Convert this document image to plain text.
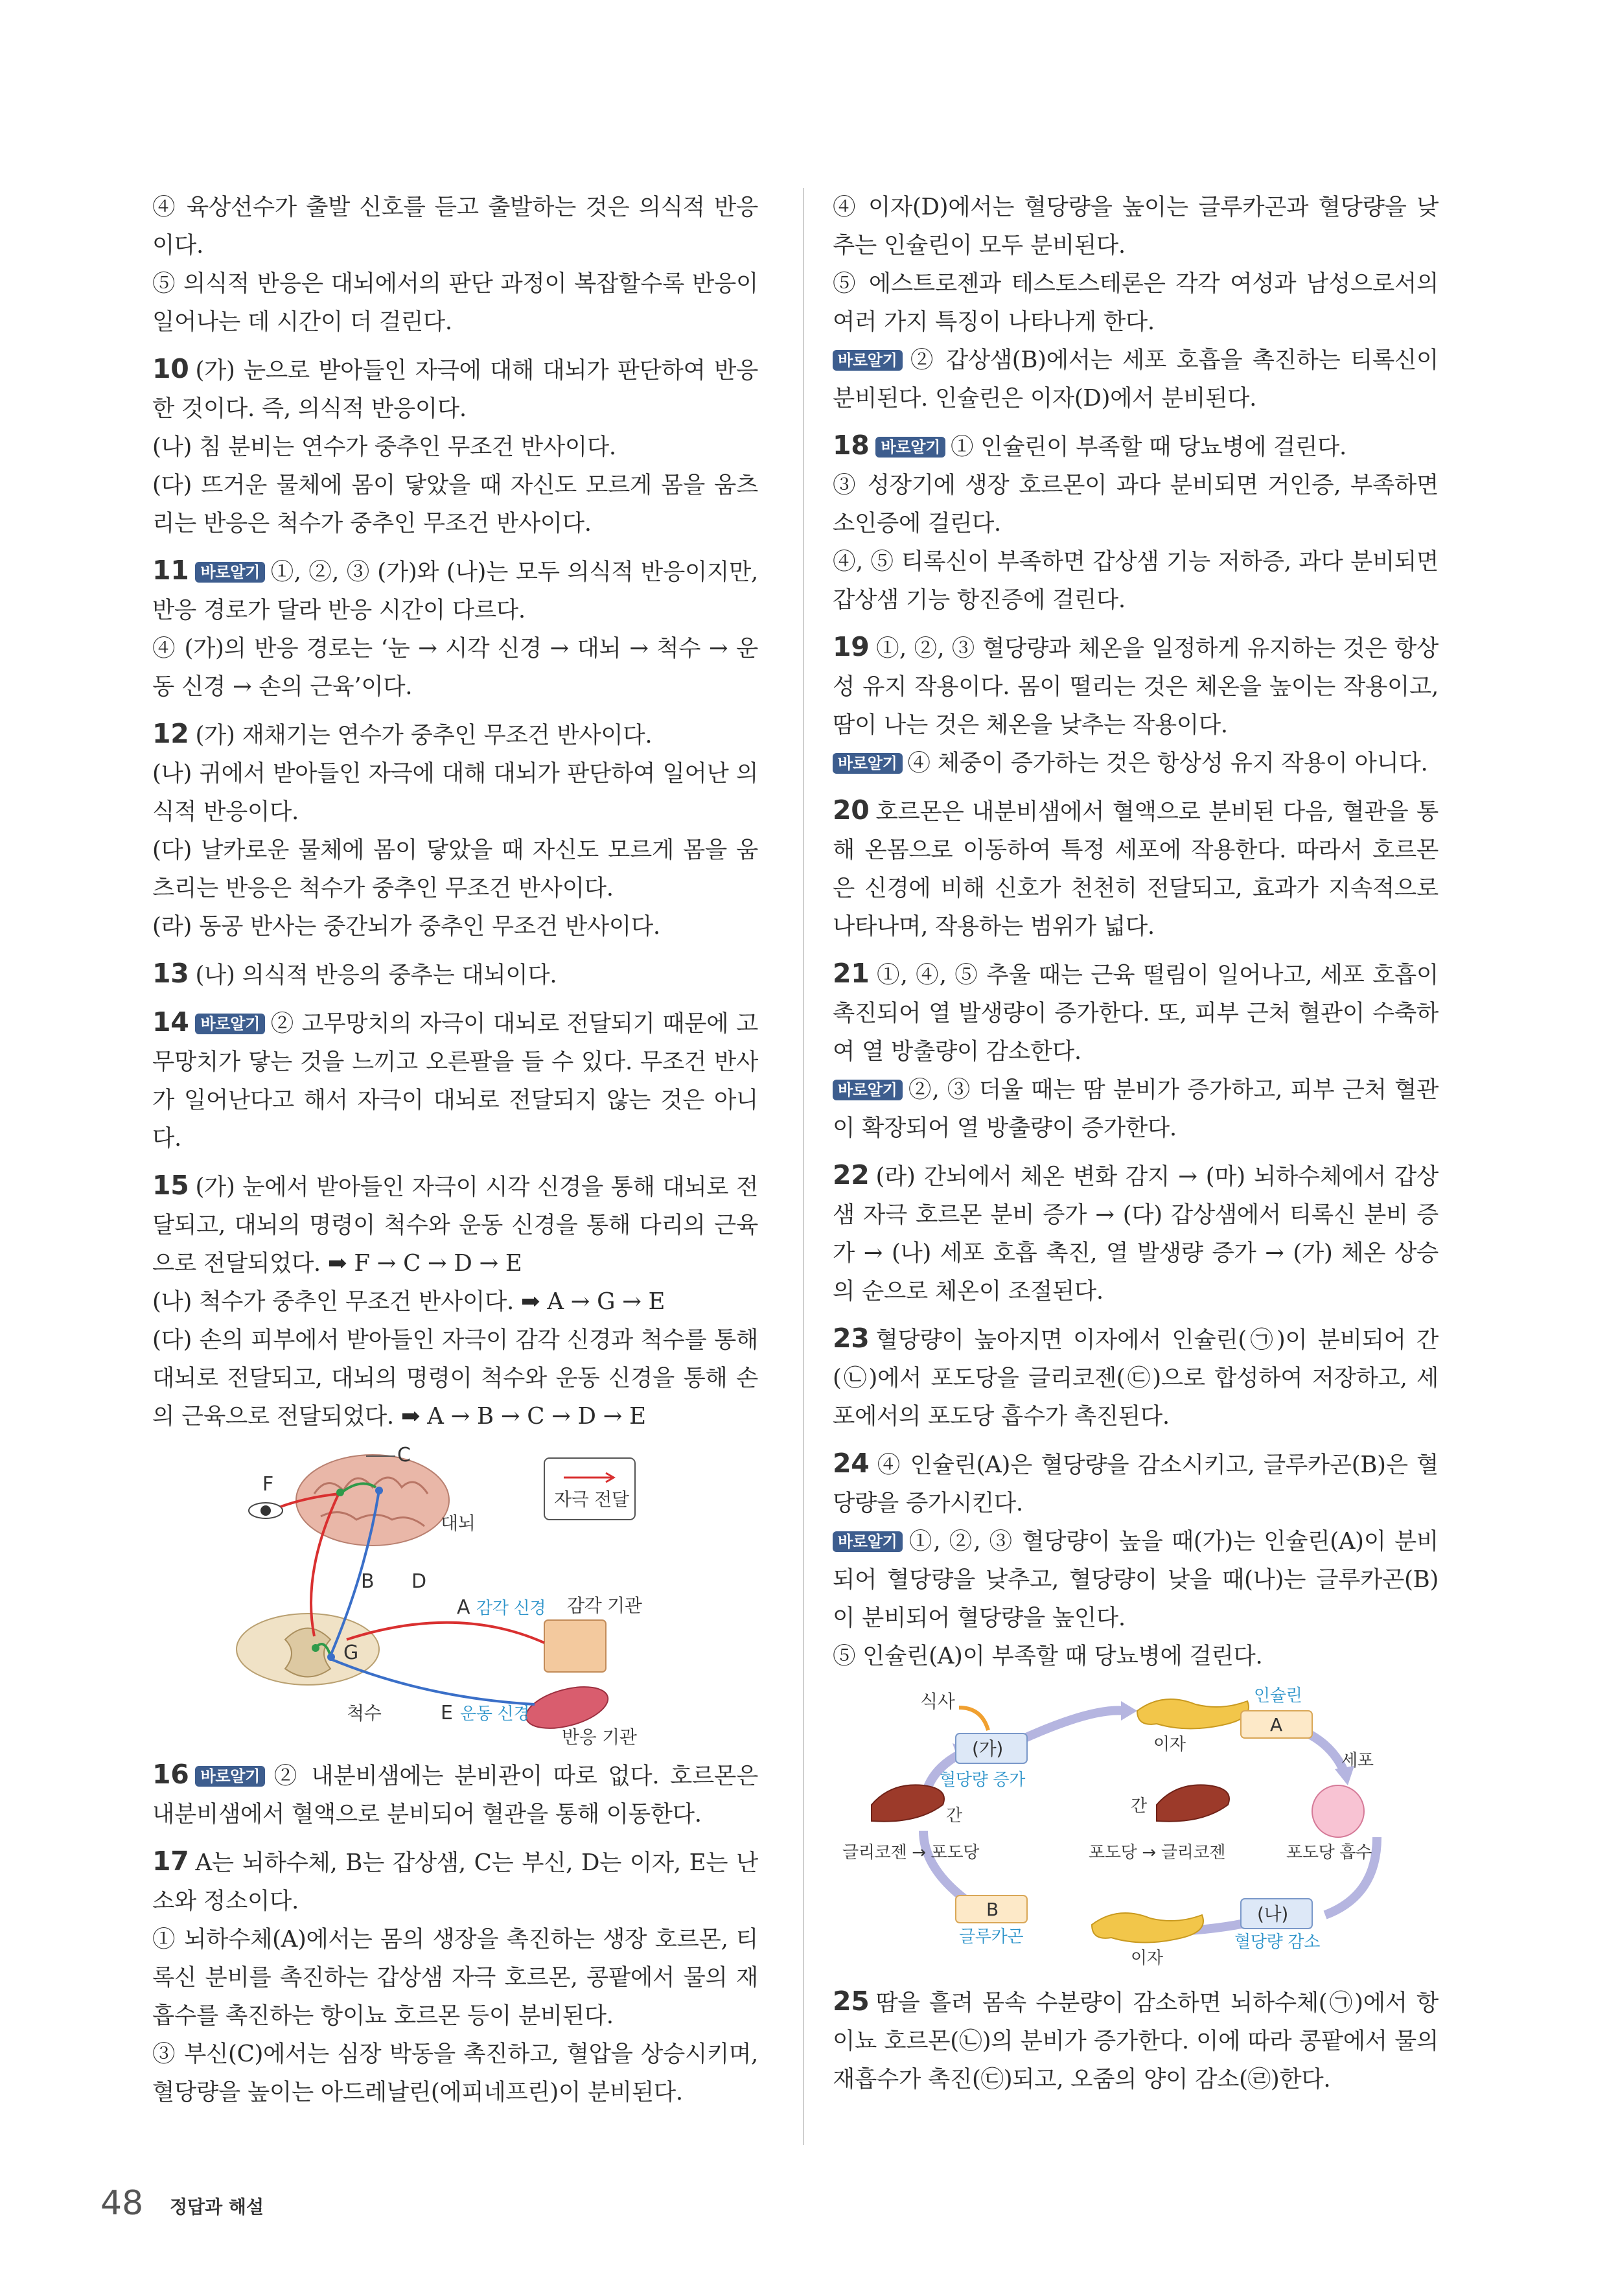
④ 육상선수가 출발 신호를 듣고 출발하는 것은 의식적 반응이다.

⑤ 의식적 반응은 대뇌에서의 판단 과정이 복잡할수록 반응이 일어나는 데 시간이 더 걸린다.

10 (가) 눈으로 받아들인 자극에 대해 대뇌가 판단하여 반응한 것이다. 즉, 의식적 반응이다.

(나) 침 분비는 연수가 중추인 무조건 반사이다.

(다) 뜨거운 물체에 몸이 닿았을 때 자신도 모르게 몸을 움츠리는 반응은 척수가 중추인 무조건 반사이다.

11 바로알기 ①, ②, ③ (가)와 (나)는 모두 의식적 반응이지만, 반응 경로가 달라 반응 시간이 다르다.

④ (가)의 반응 경로는 ‘눈 → 시각 신경 → 대뇌 → 척수 → 운동 신경 → 손의 근육’이다.

12 (가) 재채기는 연수가 중추인 무조건 반사이다.

(나) 귀에서 받아들인 자극에 대해 대뇌가 판단하여 일어난 의식적 반응이다.

(다) 날카로운 물체에 몸이 닿았을 때 자신도 모르게 몸을 움츠리는 반응은 척수가 중추인 무조건 반사이다.

(라) 동공 반사는 중간뇌가 중추인 무조건 반사이다.

13 (나) 의식적 반응의 중추는 대뇌이다.

14 바로알기 ② 고무망치의 자극이 대뇌로 전달되기 때문에 고무망치가 닿는 것을 느끼고 오른팔을 들 수 있다. 무조건 반사가 일어난다고 해서 자극이 대뇌로 전달되지 않는 것은 아니다.

15 (가) 눈에서 받아들인 자극이 시각 신경을 통해 대뇌로 전달되고, 대뇌의 명령이 척수와 운동 신경을 통해 다리의 근육으로 전달되었다. ➡ F → C → D → E

(나) 척수가 중추인 무조건 반사이다. ➡ A → G → E

(다) 손의 피부에서 받아들인 자극이 감각 신경과 척수를 통해 대뇌로 전달되고, 대뇌의 명령이 척수와 운동 신경을 통해 손의 근육으로 전달되었다. ➡ A → B → C → D → E

C
F
대뇌
자극 전달
B D
A 감각 신경 감각 기관
G
척수	E 운동 신경
반응 기관

16 바로알기 ② 내분비샘에는 분비관이 따로 없다. 호르몬은 내분비샘에서 혈액으로 분비되어 혈관을 통해 이동한다.

17 A는 뇌하수체, B는 갑상샘, C는 부신, D는 이자, E는 난소와 정소이다.

① 뇌하수체(A)에서는 몸의 생장을 촉진하는 생장 호르몬, 티록신 분비를 촉진하는 갑상샘 자극 호르몬, 콩팥에서 물의 재흡수를 촉진하는 항이뇨 호르몬 등이 분비된다.

③ 부신(C)에서는 심장 박동을 촉진하고, 혈압을 상승시키며, 혈당량을 높이는 아드레날린(에피네프린)이 분비된다.

④ 이자(D)에서는 혈당량을 높이는 글루카곤과 혈당량을 낮추는 인슐린이 모두 분비된다.

⑤ 에스트로젠과 테스토스테론은 각각 여성과 남성으로서의 여러 가지 특징이 나타나게 한다.

바로알기 ② 갑상샘(B)에서는 세포 호흡을 촉진하는 티록신이 분비된다. 인슐린은 이자(D)에서 분비된다.

18 바로알기 ① 인슐린이 부족할 때 당뇨병에 걸린다.

③ 성장기에 생장 호르몬이 과다 분비되면 거인증, 부족하면 소인증에 걸린다.

④, ⑤ 티록신이 부족하면 갑상샘 기능 저하증, 과다 분비되면 갑상샘 기능 항진증에 걸린다.

19 ①, ②, ③ 혈당량과 체온을 일정하게 유지하는 것은 항상성 유지 작용이다. 몸이 떨리는 것은 체온을 높이는 작용이고, 땀이 나는 것은 체온을 낮추는 작용이다.

바로알기 ④ 체중이 증가하는 것은 항상성 유지 작용이 아니다.

20 호르몬은 내분비샘에서 혈액으로 분비된 다음, 혈관을 통해 온몸으로 이동하여 특정 세포에 작용한다. 따라서 호르몬은 신경에 비해 신호가 천천히 전달되고, 효과가 지속적으로 나타나며, 작용하는 범위가 넓다.

21 ①, ④, ⑤ 추울 때는 근육 떨림이 일어나고, 세포 호흡이 촉진되어 열 발생량이 증가한다. 또, 피부 근처 혈관이 수축하여 열 방출량이 감소한다.

바로알기 ②, ③ 더울 때는 땀 분비가 증가하고, 피부 근처 혈관이 확장되어 열 방출량이 증가한다.

22 (라) 간뇌에서 체온 변화 감지 → (마) 뇌하수체에서 갑상샘 자극 호르몬 분비 증가 → (다) 갑상샘에서 티록신 분비 증가 → (나) 세포 호흡 촉진, 열 발생량 증가 → (가) 체온 상승의 순으로 체온이 조절된다.

23 혈당량이 높아지면 이자에서 인슐린(㉠)이 분비되어 간(㉡)에서 포도당을 글리코젠(㉢)으로 합성하여 저장하고, 세포에서의 포도당 흡수가 촉진된다.

24 ④ 인슐린(A)은 혈당량을 감소시키고, 글루카곤(B)은 혈당량을 증가시킨다.

바로알기 ①, ②, ③ 혈당량이 높을 때(가)는 인슐린(A)이 분비되어 혈당량을 낮추고, 혈당량이 낮을 때(나)는 글루카곤(B)이 분비되어 혈당량을 높인다.

⑤ 인슐린(A)이 부족할 때 당뇨병에 걸린다.

식사
(가)
혈당량 증가
이자
인슐린
A
세포
포도당 흡수
간
포도당 → 글리코젠
간
글리코젠 → 포도당
B
글루카곤
이자
(나)
혈당량 감소

25 땀을 흘려 몸속 수분량이 감소하면 뇌하수체(㉠)에서 항이뇨 호르몬(㉡)의 분비가 증가한다. 이에 따라 콩팥에서 물의 재흡수가 촉진(㉢)되고, 오줌의 양이 감소(㉣)한다.

48 정답과 해설
